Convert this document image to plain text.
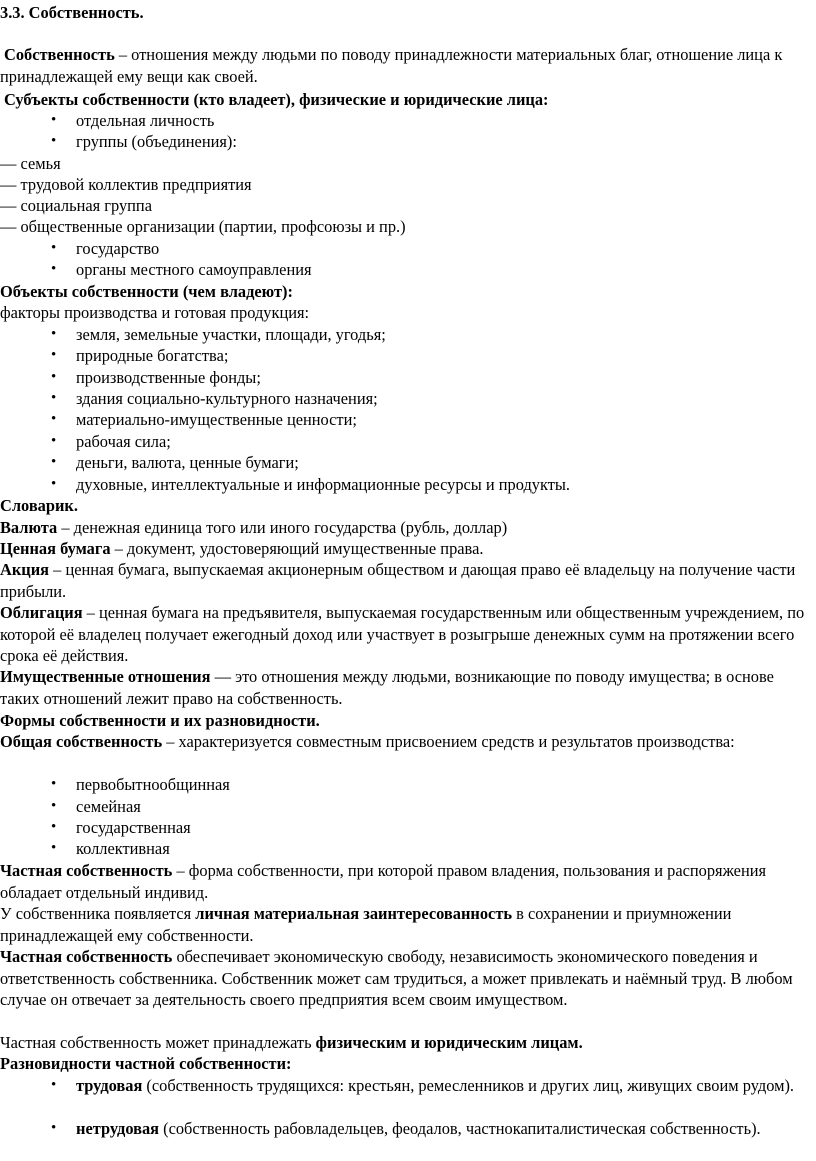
3.3. Собственность.
Собственность – отношения между людьми по поводу принадлежности материальных благ, отношение лица к принадлежащей ему вещи как своей.
Субъекты собственности (кто владеет), физические и юридические лица:
отдельная личность
группы (объединения):
— семья
— трудовой коллектив предприятия
— социальная группа
— общественные организации (партии, профсоюзы и пр.)
государство
органы местного самоуправления
Объекты собственности (чем владеют):
факторы производства и готовая продукция:
земля, земельные участки, площади, угодья;
природные богатства;
производственные фонды;
здания социально-культурного назначения;
материально-имущественные ценности;
рабочая сила;
деньги, валюта, ценные бумаги;
духовные, интеллектуальные и информационные ресурсы и продукты.
Словарик.
Валюта – денежная единица того или иного государства (рубль, доллар)
Ценная бумага – документ, удостоверяющий имущественные права.
Акция – ценная бумага, выпускаемая акционерным обществом и дающая право её владельцу на получение части прибыли.
Облигация – ценная бумага на предъявителя, выпускаемая государственным или общественным учреждением, по которой её владелец получает ежегодный доход или участвует в розыгрыше денежных сумм на протяжении всего срока её действия.
Имущественные отношения — это отношения между людьми, возникающие по поводу имущества; в основе таких отношений лежит право на собственность.
Формы собственности и их разновидности.
Общая собственность – характеризуется совместным присвоением средств и результатов производства:
первобытнообщинная
семейная
государственная
коллективная
Частная собственность – форма собственности, при которой правом владения, пользования и распоряжения обладает отдельный индивид.
У собственника появляется личная материальная заинтересованность в сохранении и приумножении принадлежащей ему собственности.
Частная собственность обеспечивает экономическую свободу, независимость экономического поведения и ответственность собственника. Собственник может сам трудиться, а может привлекать и наёмный труд. В любом случае он отвечает за деятельность своего предприятия всем своим имуществом.
Частная собственность может принадлежать физическим и юридическим лицам.
Разновидности частной собственности:
• трудовая (собственность трудящихся: крестьян, ремесленников и других лиц, живущих своим рудом).
• нетрудовая (собственность рабовладельцев, феодалов, частнокапиталистическая собственность).
